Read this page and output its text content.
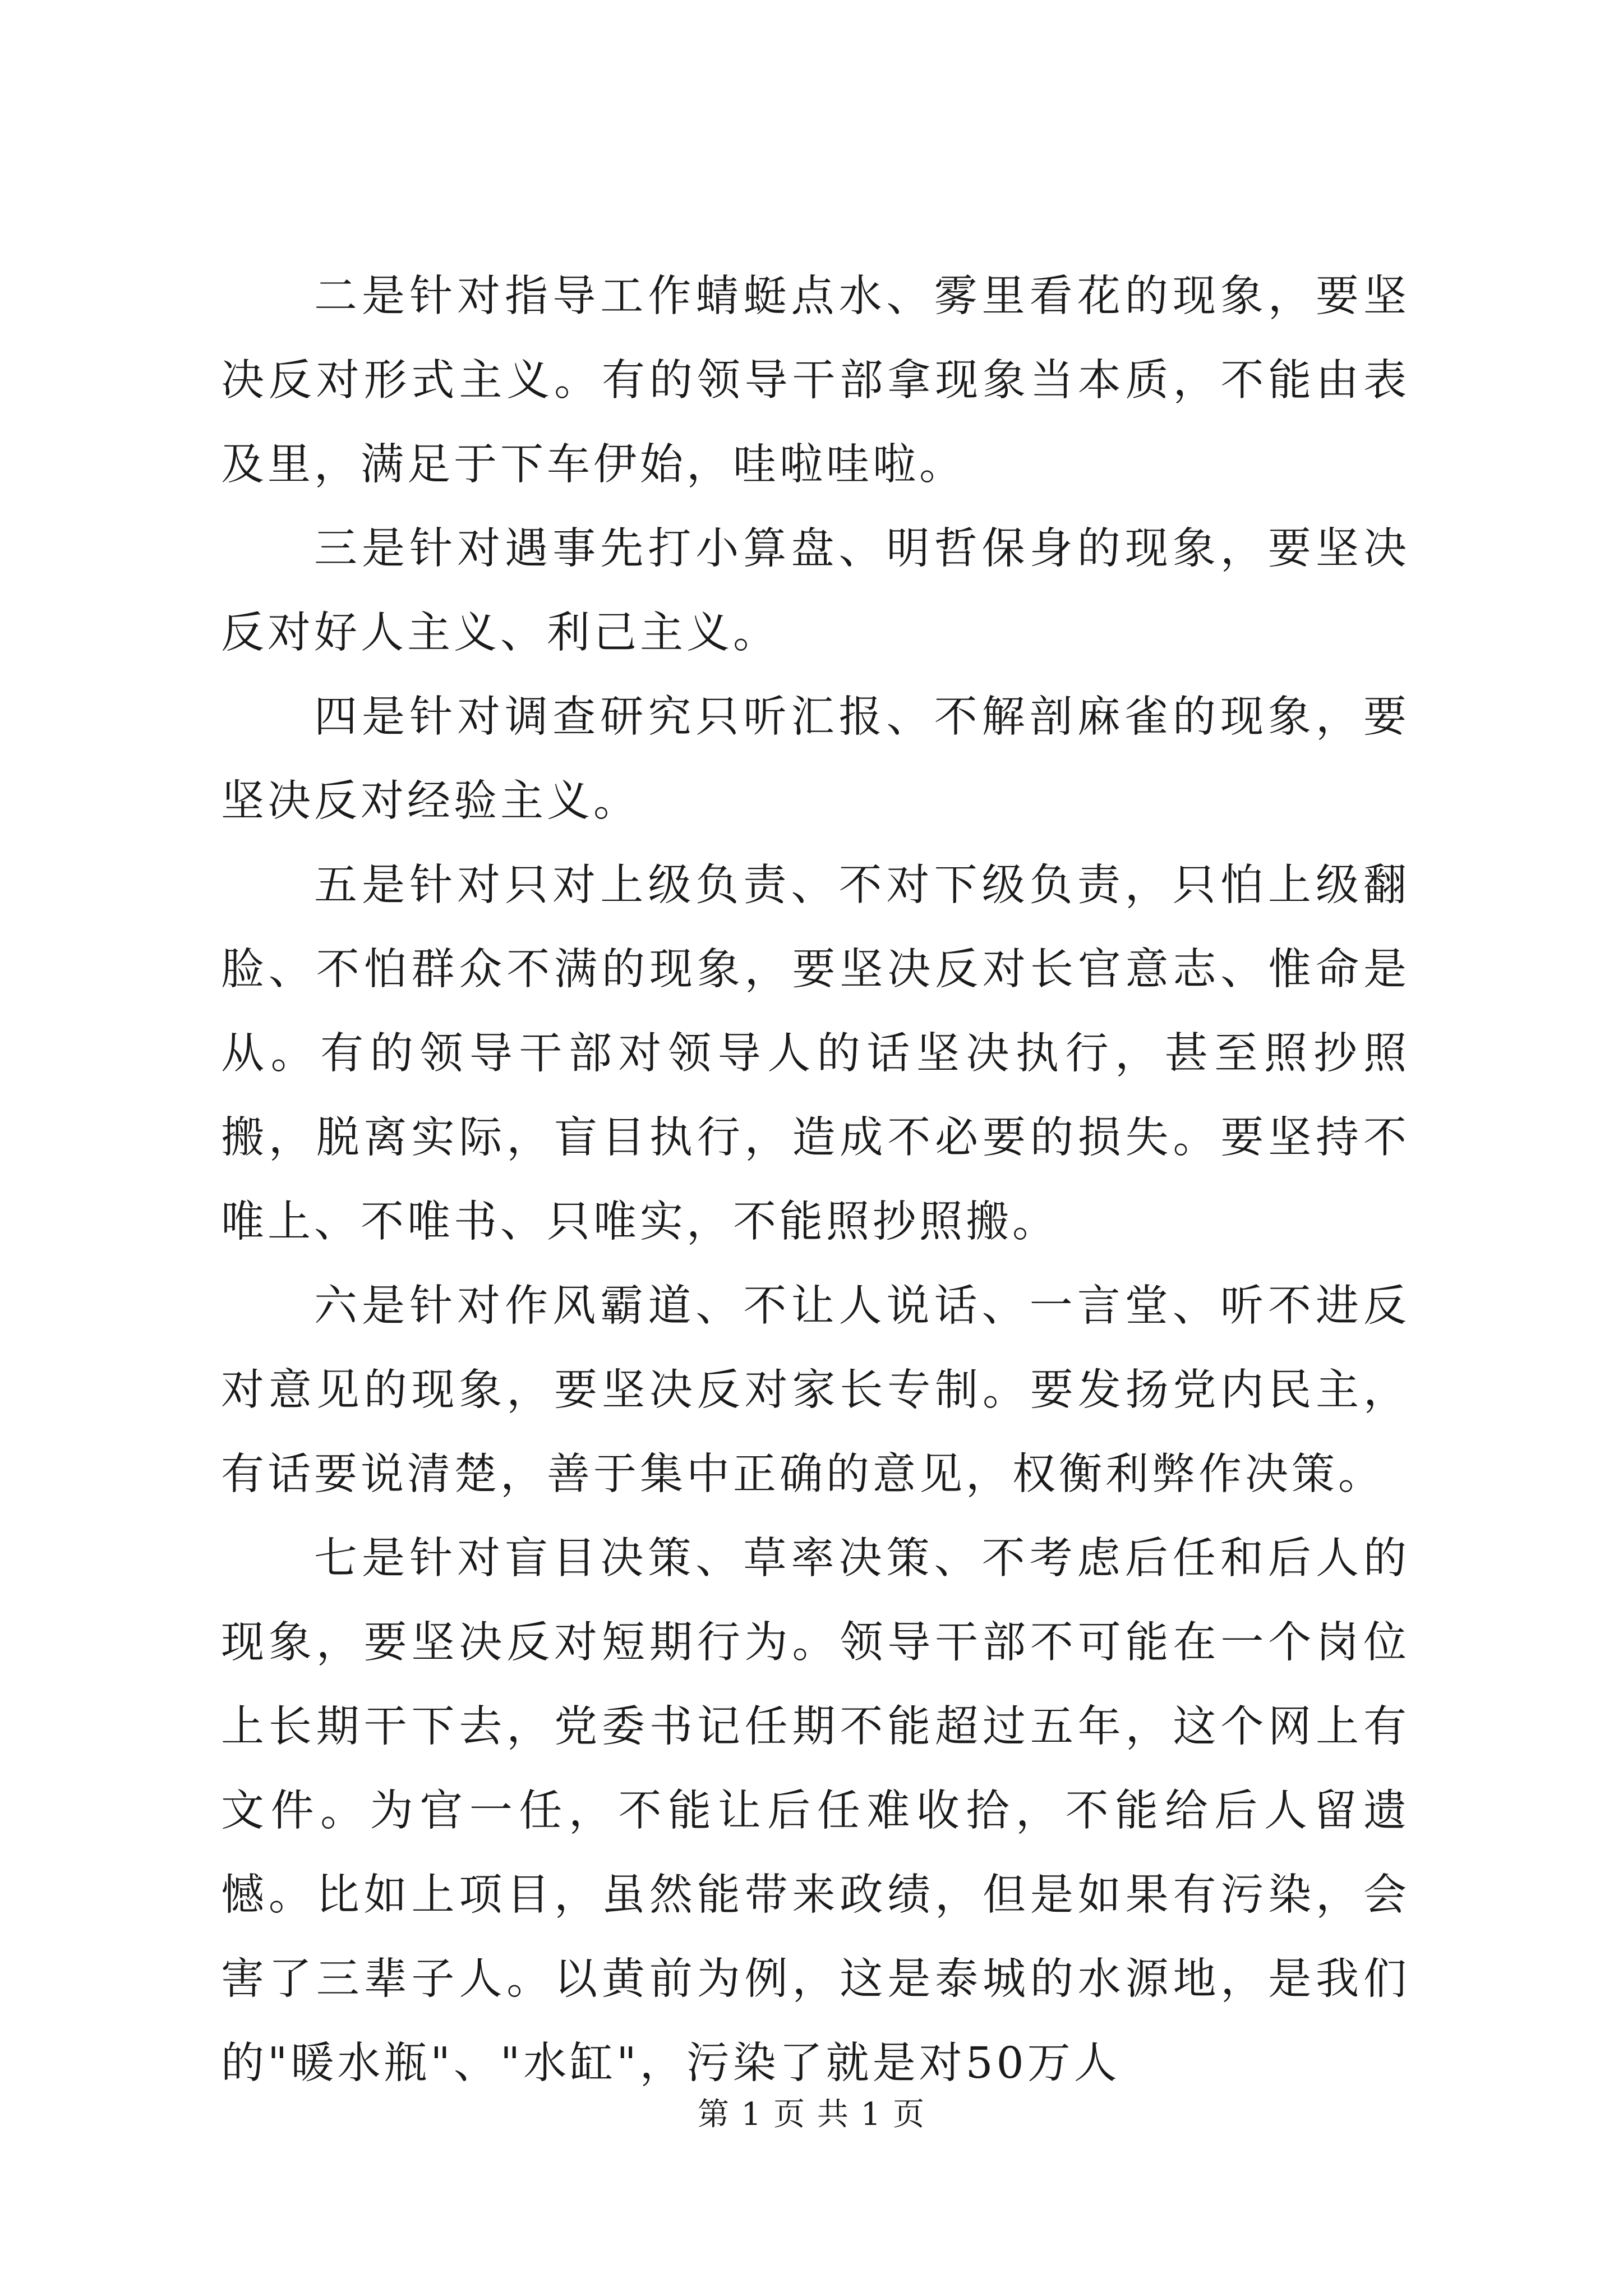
二是针对指导工作蜻蜓点水、雾里看花的现象，要坚决反对形式主义。有的领导干部拿现象当本质，不能由表及里，满足于下车伊始，哇啦哇啦。

三是针对遇事先打小算盘、明哲保身的现象，要坚决反对好人主义、利己主义。

四是针对调查研究只听汇报、不解剖麻雀的现象，要坚决反对经验主义。

五是针对只对上级负责、不对下级负责，只怕上级翻脸、不怕群众不满的现象，要坚决反对长官意志、惟命是从。有的领导干部对领导人的话坚决执行，甚至照抄照搬，脱离实际，盲目执行，造成不必要的损失。要坚持不唯上、不唯书、只唯实，不能照抄照搬。

六是针对作风霸道、不让人说话、一言堂、听不进反对意见的现象，要坚决反对家长专制。要发扬党内民主，有话要说清楚，善于集中正确的意见，权衡利弊作决策。

七是针对盲目决策、草率决策、不考虑后任和后人的现象，要坚决反对短期行为。领导干部不可能在一个岗位上长期干下去，党委书记任期不能超过五年，这个网上有文件。为官一任，不能让后任难收拾，不能给后人留遗憾。比如上项目，虽然能带来政绩，但是如果有污染，会害了三辈子人。以黄前为例，这是泰城的水源地，是我们的"暖水瓶"、"水缸"，污染了就是对50万人

第 1 页 共 1 页
